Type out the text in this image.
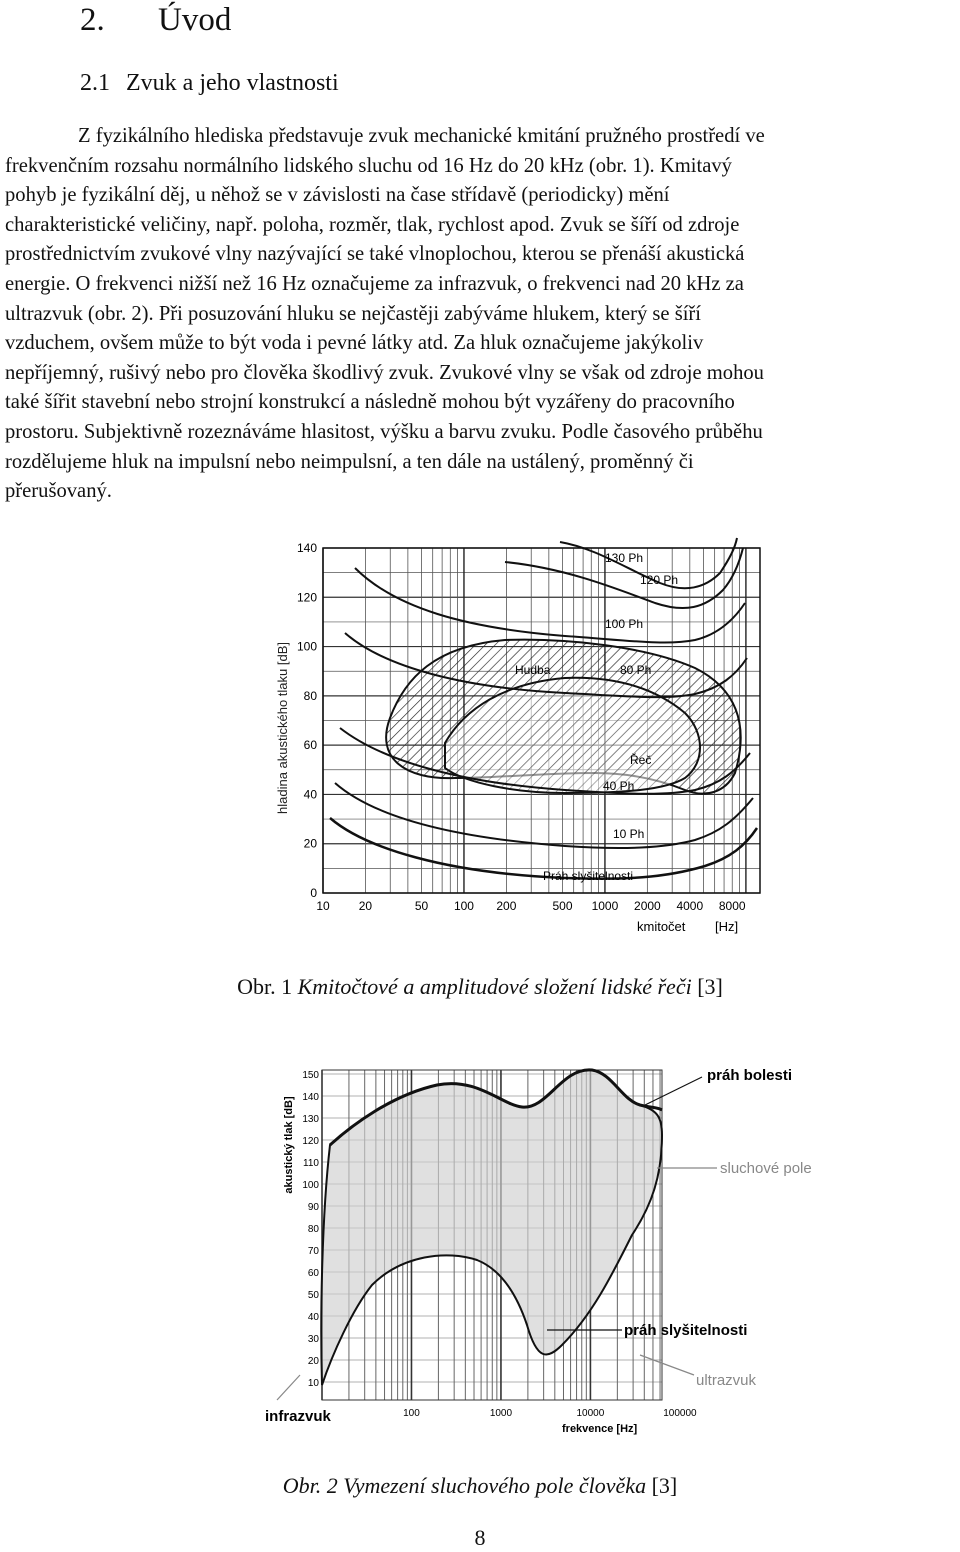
2. Úvod
2.1 Zvuk a jeho vlastnosti
Z fyzikálního hlediska představuje zvuk mechanické kmitání pružného prostředí ve
frekvenčním rozsahu normálního lidského sluchu od 16 Hz do 20 kHz (obr. 1). Kmitavý
pohyb je fyzikální děj, u něhož se v závislosti na čase střídavě (periodicky) mění
charakteristické veličiny, např. poloha, rozměr, tlak, rychlost apod. Zvuk se šíří od zdroje
prostřednictvím zvukové vlny nazývající se také vlnoplochou, kterou se přenáší akustická
energie. O frekvenci nižší než 16 Hz označujeme za infrazvuk, o frekvenci nad 20 kHz za
ultrazvuk (obr. 2). Při posuzování hluku se nejčastěji zabýváme hlukem, který se šíří
vzduchem, ovšem může to být voda i pevné látky atd. Za hluk označujeme jakýkoliv
nepříjemný, rušivý nebo pro člověka škodlivý zvuk. Zvukové vlny se však od zdroje mohou
také šířit stavební nebo strojní konstrukcí a následně mohou být vyzářeny do pracovního
prostoru. Subjektivně rozeznáváme hlasitost, výšku a barvu zvuku. Podle časového průběhu
rozdělujeme hluk na impulsní nebo neimpulsní, a ten dále na ustálený, proměnný či
přerušovaný.
hladina akustického tlaku [dB]
140
120
100
80
60
40
20
0
10 20	50 100 200	500 1000 2000 4000 8000
130 Ph
120 Ph
100 Ph
80 Ph
40 Ph
10 Ph
Hudba
Řeč
Práh slyšitelnosti
kmitočet [Hz]
Obr. 1 Kmitočtové a amplitudové složení lidské řeči [3]
150
140
130
120
110
100
90
80
70
60
50
40
30
20
10
100	1000	10000	100000
akustický tlak [dB]
frekvence [Hz]
práh bolesti
sluchové pole
práh slyšitelnosti
ultrazvuk
infrazvuk
Obr. 2 Vymezení sluchového pole člověka [3]
8
